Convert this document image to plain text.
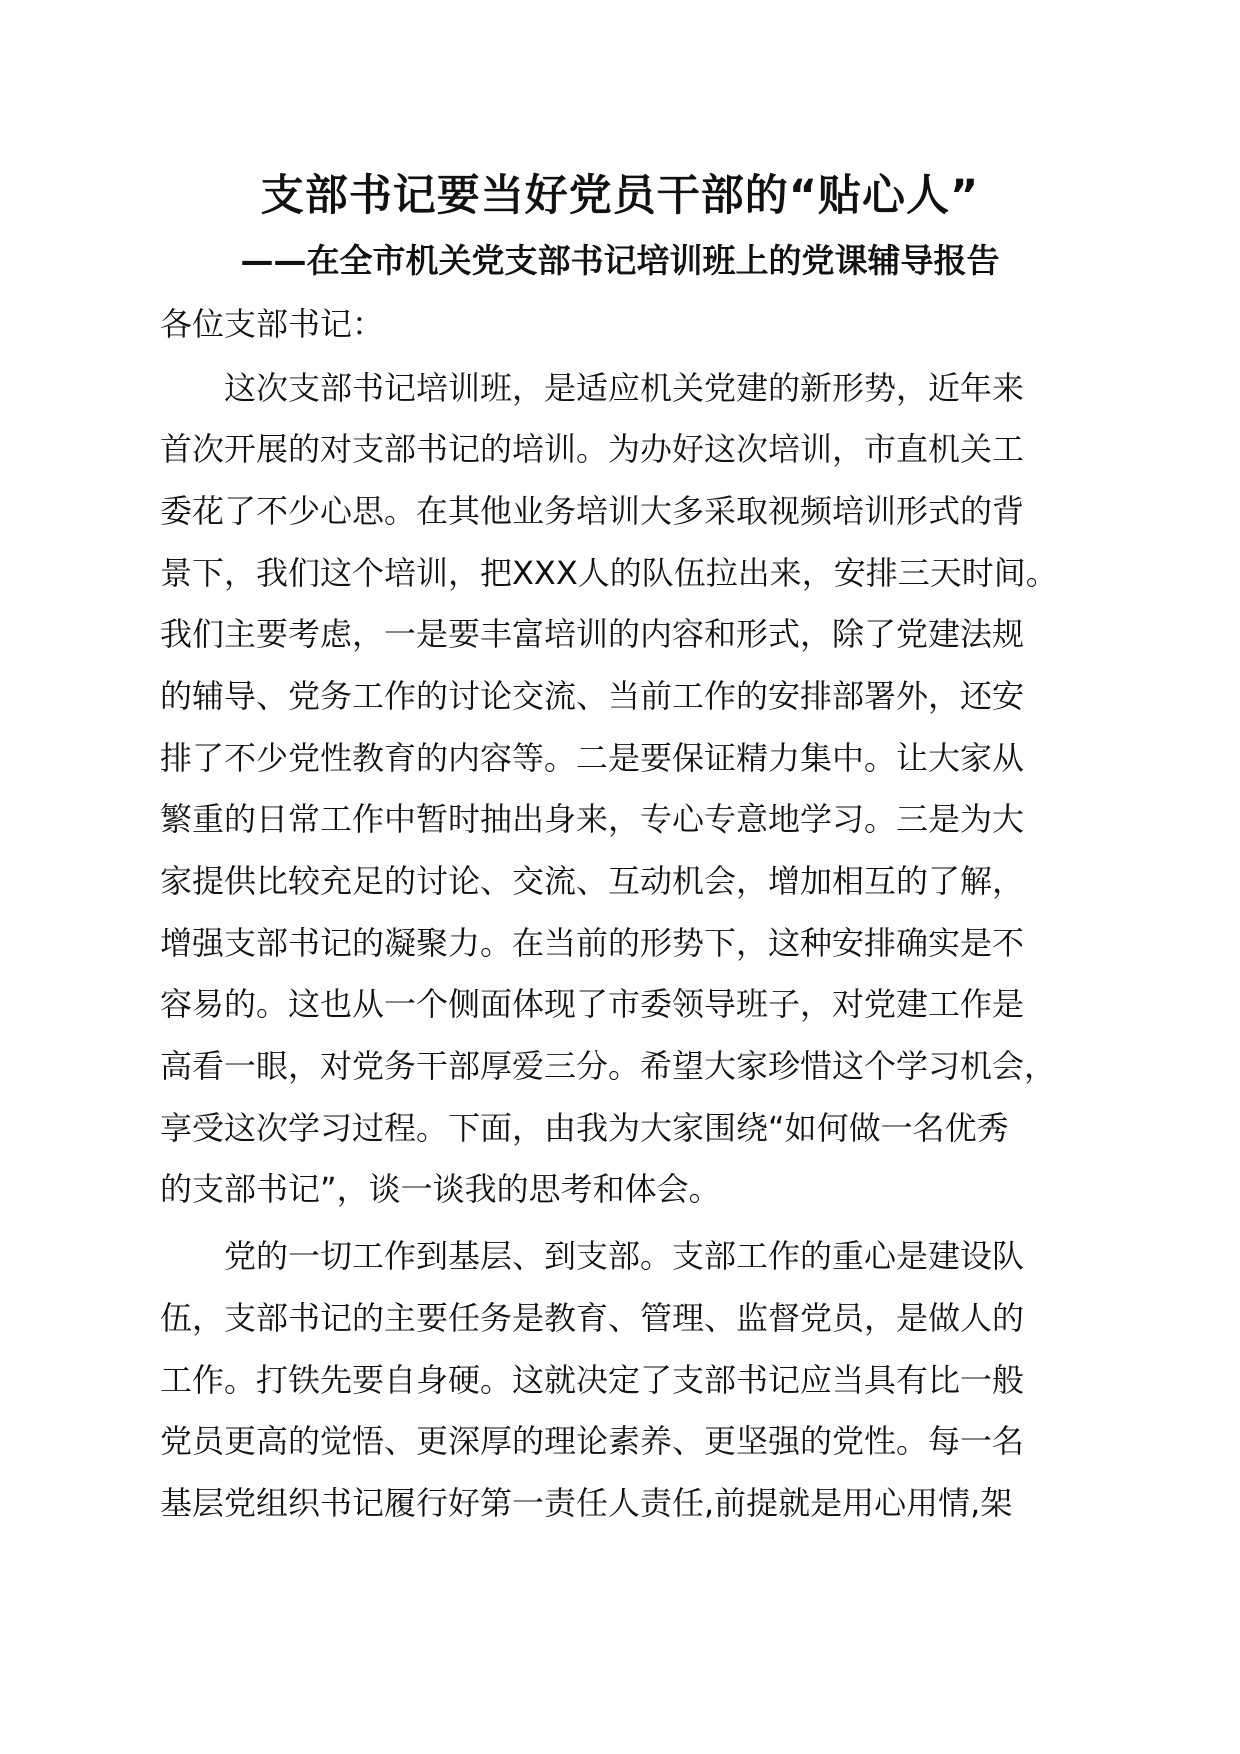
支部书记要当好党员干部的“贴心人”
——在全市机关党支部书记培训班上的党课辅导报告
各位支部书记：
这次支部书记培训班，是适应机关党建的新形势，近年来
首次开展的对支部书记的培训。为办好这次培训，市直机关工
委花了不少心思。在其他业务培训大多采取视频培训形式的背
景下，我们这个培训，把XXX人的队伍拉出来，安排三天时间。
我们主要考虑，一是要丰富培训的内容和形式，除了党建法规
的辅导、党务工作的讨论交流、当前工作的安排部署外，还安
排了不少党性教育的内容等。二是要保证精力集中。让大家从
繁重的日常工作中暂时抽出身来，专心专意地学习。三是为大
家提供比较充足的讨论、交流、互动机会，增加相互的了解，
增强支部书记的凝聚力。在当前的形势下，这种安排确实是不
容易的。这也从一个侧面体现了市委领导班子，对党建工作是
高看一眼，对党务干部厚爱三分。希望大家珍惜这个学习机会，
享受这次学习过程。下面，由我为大家围绕“如何做一名优秀
的支部书记”，谈一谈我的思考和体会。
党的一切工作到基层、到支部。支部工作的重心是建设队
伍，支部书记的主要任务是教育、管理、监督党员，是做人的
工作。打铁先要自身硬。这就决定了支部书记应当具有比一般
党员更高的觉悟、更深厚的理论素养、更坚强的党性。每一名
基层党组织书记履行好第一责任人责任,前提就是用心用情,架
